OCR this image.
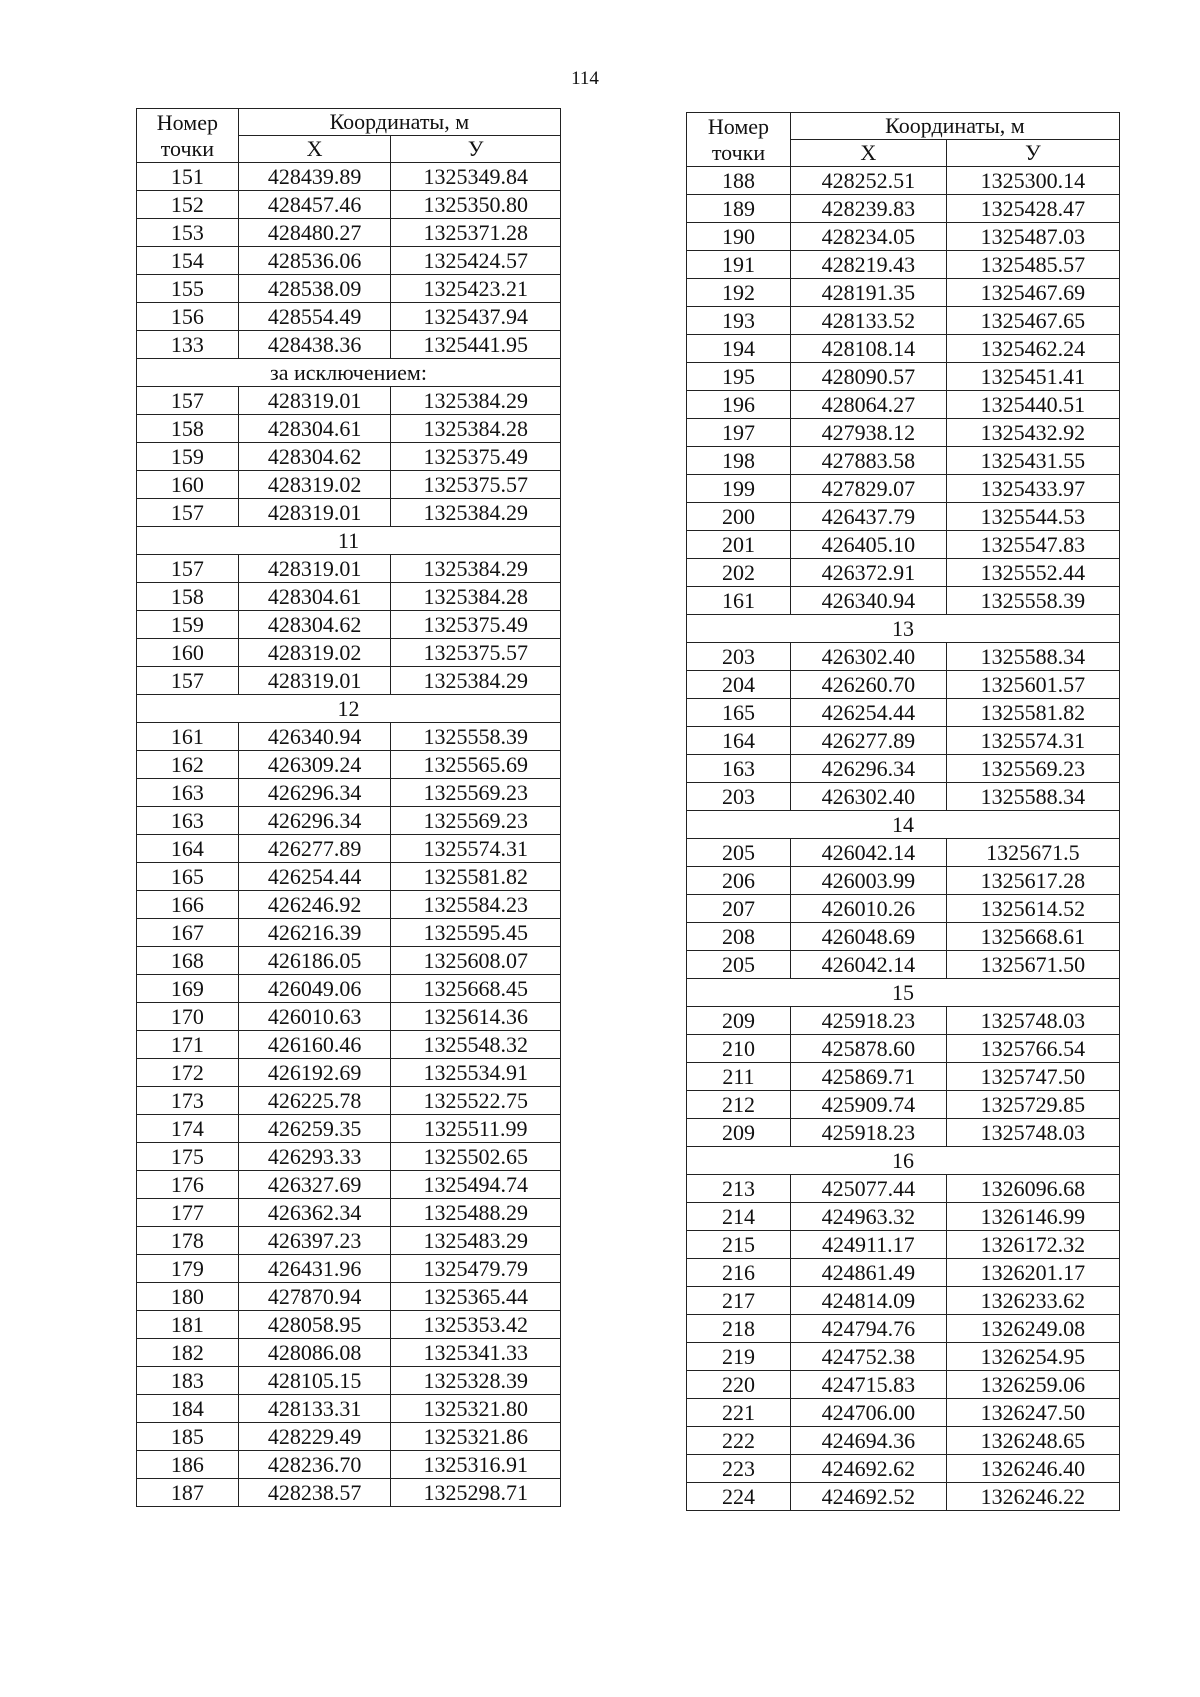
114
Номер
точки	Координаты, м	
	X	У
151	428439.89	1325349.84
152	428457.46	1325350.80
153	428480.27	1325371.28
154	428536.06	1325424.57
155	428538.09	1325423.21
156	428554.49	1325437.94
133	428438.36	1325441.95
за исключением:		
157	428319.01	1325384.29
158	428304.61	1325384.28
159	428304.62	1325375.49
160	428319.02	1325375.57
157	428319.01	1325384.29
11		
157	428319.01	1325384.29
158	428304.61	1325384.28
159	428304.62	1325375.49
160	428319.02	1325375.57
157	428319.01	1325384.29
12		
161	426340.94	1325558.39
162	426309.24	1325565.69
163	426296.34	1325569.23
163	426296.34	1325569.23
164	426277.89	1325574.31
165	426254.44	1325581.82
166	426246.92	1325584.23
167	426216.39	1325595.45
168	426186.05	1325608.07
169	426049.06	1325668.45
170	426010.63	1325614.36
171	426160.46	1325548.32
172	426192.69	1325534.91
173	426225.78	1325522.75
174	426259.35	1325511.99
175	426293.33	1325502.65
176	426327.69	1325494.74
177	426362.34	1325488.29
178	426397.23	1325483.29
179	426431.96	1325479.79
180	427870.94	1325365.44
181	428058.95	1325353.42
182	428086.08	1325341.33
183	428105.15	1325328.39
184	428133.31	1325321.80
185	428229.49	1325321.86
186	428236.70	1325316.91
187	428238.57	1325298.71
Номер
точки	Координаты, м	
	X	У
188	428252.51	1325300.14
189	428239.83	1325428.47
190	428234.05	1325487.03
191	428219.43	1325485.57
192	428191.35	1325467.69
193	428133.52	1325467.65
194	428108.14	1325462.24
195	428090.57	1325451.41
196	428064.27	1325440.51
197	427938.12	1325432.92
198	427883.58	1325431.55
199	427829.07	1325433.97
200	426437.79	1325544.53
201	426405.10	1325547.83
202	426372.91	1325552.44
161	426340.94	1325558.39
13		
203	426302.40	1325588.34
204	426260.70	1325601.57
165	426254.44	1325581.82
164	426277.89	1325574.31
163	426296.34	1325569.23
203	426302.40	1325588.34
14		
205	426042.14	1325671.5
206	426003.99	1325617.28
207	426010.26	1325614.52
208	426048.69	1325668.61
205	426042.14	1325671.50
15		
209	425918.23	1325748.03
210	425878.60	1325766.54
211	425869.71	1325747.50
212	425909.74	1325729.85
209	425918.23	1325748.03
16		
213	425077.44	1326096.68
214	424963.32	1326146.99
215	424911.17	1326172.32
216	424861.49	1326201.17
217	424814.09	1326233.62
218	424794.76	1326249.08
219	424752.38	1326254.95
220	424715.83	1326259.06
221	424706.00	1326247.50
222	424694.36	1326248.65
223	424692.62	1326246.40
224	424692.52	1326246.22
